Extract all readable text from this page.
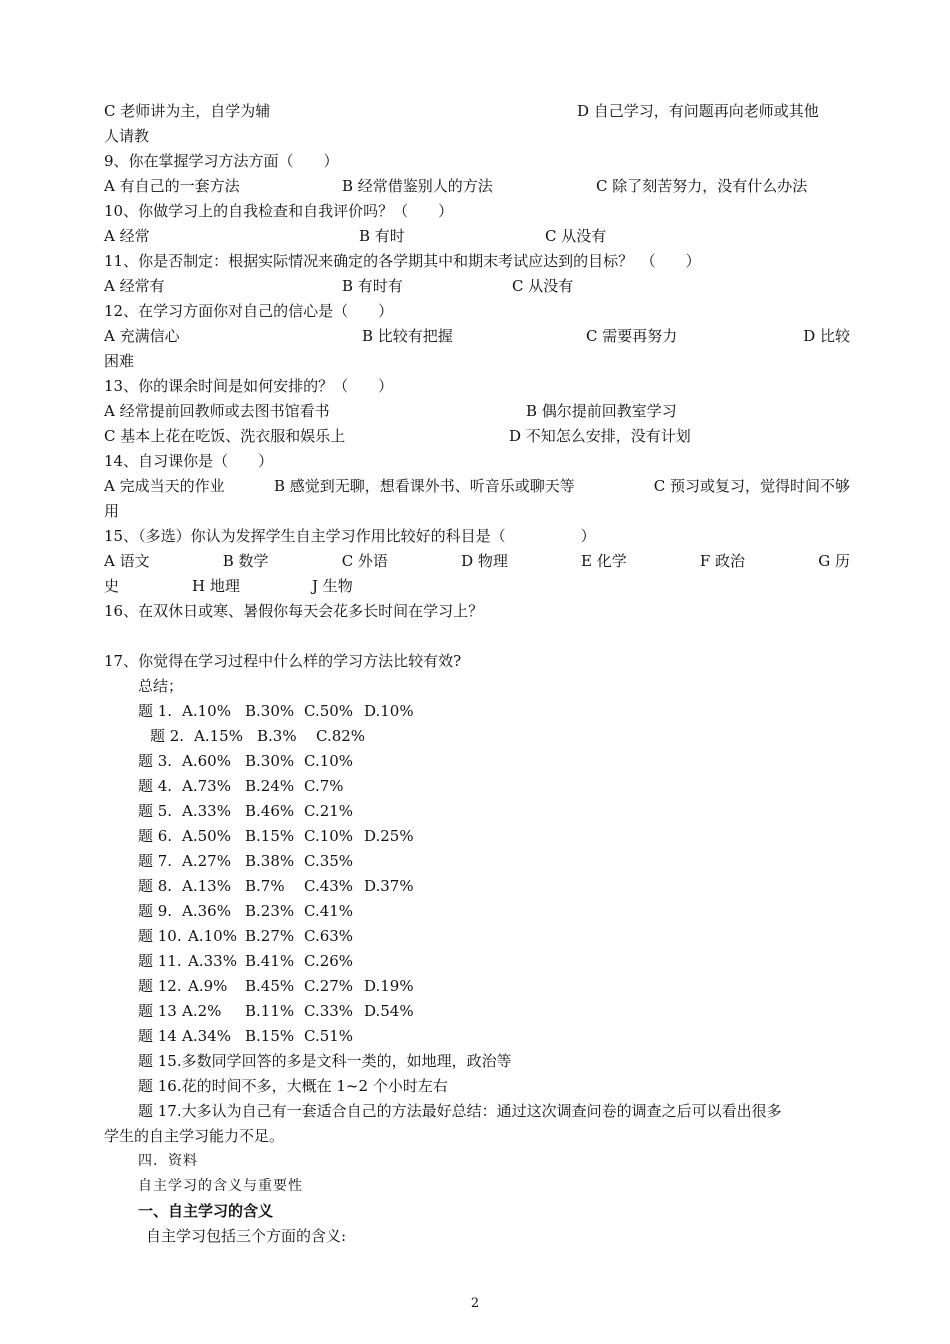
C 老师讲为主，自学为辅	D 自己学习，有问题再向老师或其他
人请教
9、你在掌握学习方法方面（　　）
A 有自己的一套方法	B 经常借鉴别人的方法	C 除了刻苦努力，没有什么办法
10、你做学习上的自我检查和自我评价吗？（　　）
A 经常	B 有时	C 从没有
11、你是否制定：根据实际情况来确定的各学期其中和期末考试应达到的目标？　（　　）
A 经常有	B 有时有	C 从没有
12、在学习方面你对自己的信心是（　　）
A 充满信心	B 比较有把握	C 需要再努力	D 比较
困难
13、你的课余时间是如何安排的？（　　）
A 经常提前回教师或去图书馆看书	B 偶尔提前回教室学习
C 基本上花在吃饭、洗衣服和娱乐上	D 不知怎么安排，没有计划
14、自习课你是（　　）
A 完成当天的作业	B 感觉到无聊，想看课外书、听音乐或聊天等	C 预习或复习，觉得时间不够
用
15、（多选）你认为发挥学生自主学习作用比较好的科目是（　　　　　）
A 语文	B 数学	C 外语	D 物理	E 化学	F 政治	G 历
史	H 地理	J 生物
16、在双休日或寒、暑假你每天会花多长时间在学习上？
17、你觉得在学习过程中什么样的学习方法比较有效?
总结；
题 1. A.10% B.30% C.50% D.10%
题 2. A.15% B.3% C.82%
题 3. A.60% B.30% C.10%
题 4. A.73% B.24% C.7%
题 5. A.33% B.46% C.21%
题 6. A.50% B.15% C.10% D.25%
题 7. A.27% B.38% C.35%
题 8. A.13% B.7% C.43% D.37%
题 9. A.36% B.23% C.41%
题 10. A.10% B.27% C.63%
题 11. A.33% B.41% C.26%
题 12. A.9% B.45% C.27% D.19%
题 13 A.2% B.11% C.33% D.54%
题 14 A.34% B.15% C.51%
题 15.多数同学回答的多是文科一类的，如地理，政治等
题 16.花的时间不多，大概在 1~2 个小时左右
题 17.大多认为自己有一套适合自己的方法最好总结：通过这次调查问卷的调查之后可以看出很多
学生的自主学习能力不足。
四．资料
自主学习的含义与重要性
一、自主学习的含义
自主学习包括三个方面的含义:
2
